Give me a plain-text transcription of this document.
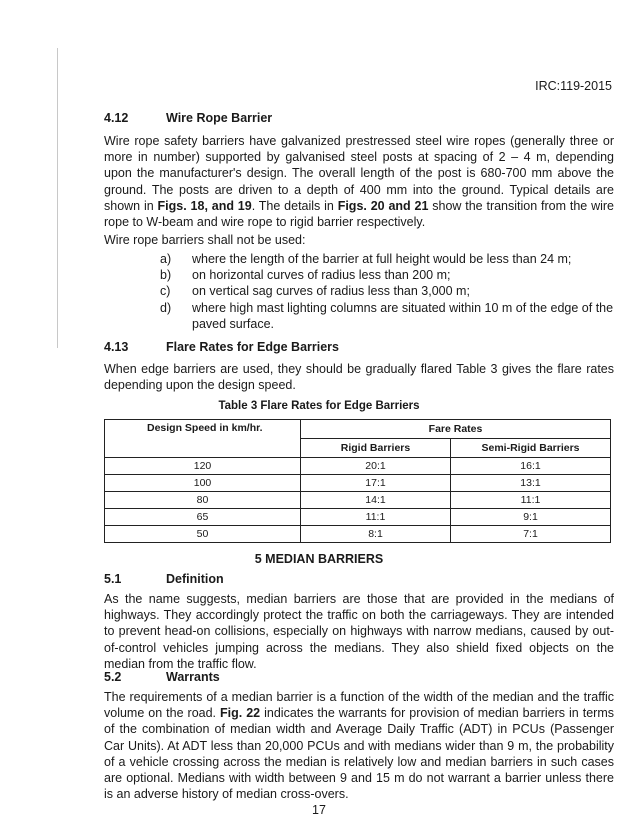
IRC:119-2015
4.12	Wire Rope Barrier
Wire rope safety barriers have galvanized prestressed steel wire ropes (generally three or more in number) supported by galvanised steel posts at spacing of 2 – 4 m, depending upon the manufacturer's design. The overall length of the post is 680-700 mm above the ground. The posts are driven to a depth of 400 mm into the ground. Typical details are shown in Figs. 18, and 19. The details in Figs. 20 and 21 show the transition from the wire rope to W-beam and wire rope to rigid barrier respectively.
Wire rope barriers shall not be used:
a) where the length of the barrier at full height would be less than 24 m;
b) on horizontal curves of radius less than 200 m;
c) on vertical sag curves of radius less than 3,000 m;
d) where high mast lighting columns are situated within 10 m of the edge of the paved surface.
4.13	Flare Rates for Edge Barriers
When edge barriers are used, they should be gradually flared Table 3 gives the flare rates depending upon the design speed.
Table 3 Flare Rates for Edge Barriers
Design Speed in km/hr.	Fare Rates	
	Rigid Barriers	Semi-Rigid Barriers
120	20:1	16:1
100	17:1	13:1
80	14:1	11:1
65	11:1	9:1
50	8:1	7:1
5 MEDIAN BARRIERS
5.1	Definition
As the name suggests, median barriers are those that are provided in the medians of highways. They accordingly protect the traffic on both the carriageways. They are intended to prevent head-on collisions, especially on highways with narrow medians, caused by out-of-control vehicles jumping across the medians. They also shield fixed objects on the median from the traffic flow.
5.2	Warrants
The requirements of a median barrier is a function of the width of the median and the traffic volume on the road. Fig. 22 indicates the warrants for provision of median barriers in terms of the combination of median width and Average Daily Traffic (ADT) in PCUs (Passenger Car Units). At ADT less than 20,000 PCUs and with medians wider than 9 m, the probability of a vehicle crossing across the median is relatively low and median barriers in such cases are optional. Medians with width between 9 and 15 m do not warrant a barrier unless there is an adverse history of median cross-overs.
17
